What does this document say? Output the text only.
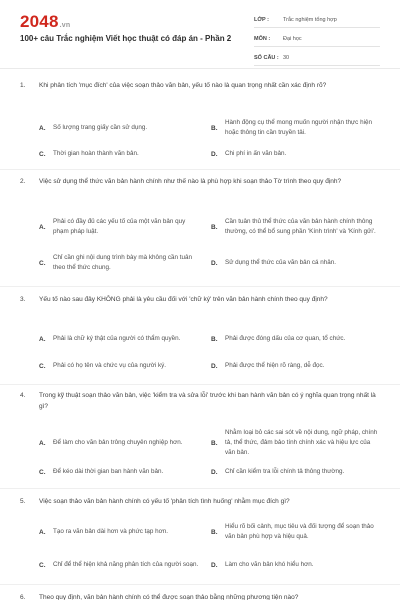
2048.vn
100+ câu Trắc nghiệm Viết học thuật có đáp án - Phần 2
LỚP :	Trắc nghiệm tổng hợp
MÔN :	Đại học
SỐ CÂU : 30
1. Khi phân tích 'mục đích' của việc soạn thảo văn bản, yếu tố nào là quan trọng nhất cần xác định rõ?
A.	Số lượng trang giấy cần sử dụng.	B.
Hành động cụ thể mong muốn người nhận thực hiện hoặc thông tin cần truyền tải.
C.	Thời gian hoàn thành văn bản.	D.	Chi phí in ấn văn bản.
2. Việc sử dụng thể thức văn bản hành chính như thế nào là phù hợp khi soạn thảo Tờ trình theo quy định?
A.
Phải có đầy đủ các yếu tố của một văn bản quy phạm pháp luật.
B.
Cần tuân thủ thể thức của văn bản hành chính thông thường, có thể bổ sung phần 'Kính trình' và 'Kính gửi'.
C.
Chỉ cần ghi nội dung trình bày mà không cần tuân theo thể thức chung.
D.	Sử dụng thể thức của văn bản cá nhân.
3. Yếu tố nào sau đây KHÔNG phải là yêu cầu đối với 'chữ ký' trên văn bản hành chính theo quy định?
A.	Phải là chữ ký thật của người có thẩm quyền.	B.	Phải được đóng dấu của cơ quan, tổ chức.
C.	Phải có họ tên và chức vụ của người ký.	D.	Phải được thể hiện rõ ràng, dễ đọc.
4. Trong kỹ thuật soạn thảo văn bản, việc 'kiểm tra và sửa lỗi' trước khi ban hành văn bản có ý nghĩa quan trọng nhất là gì?
A.	Để làm cho văn bản trông chuyên nghiệp hơn.	B.
Nhằm loại bỏ các sai sót về nội dung, ngữ pháp, chính tả, thể thức, đảm bảo tính chính xác và hiệu lực của văn bản.
C.	Để kéo dài thời gian ban hành văn bản.	D.	Chỉ cần kiểm tra lỗi chính tả thông thường.
5. Việc soạn thảo văn bản hành chính có yếu tố 'phân tích tình huống' nhằm mục đích gì?
A.	Tạo ra văn bản dài hơn và phức tạp hơn.	B.
Hiểu rõ bối cảnh, mục tiêu và đối tượng để soạn thảo văn bản phù hợp và hiệu quả.
C.	Chỉ để thể hiện khả năng phân tích của người soạn. D.	Làm cho văn bản khó hiểu hơn.
6. Theo quy định, văn bản hành chính có thể được soạn thảo bằng những phương tiện nào?
